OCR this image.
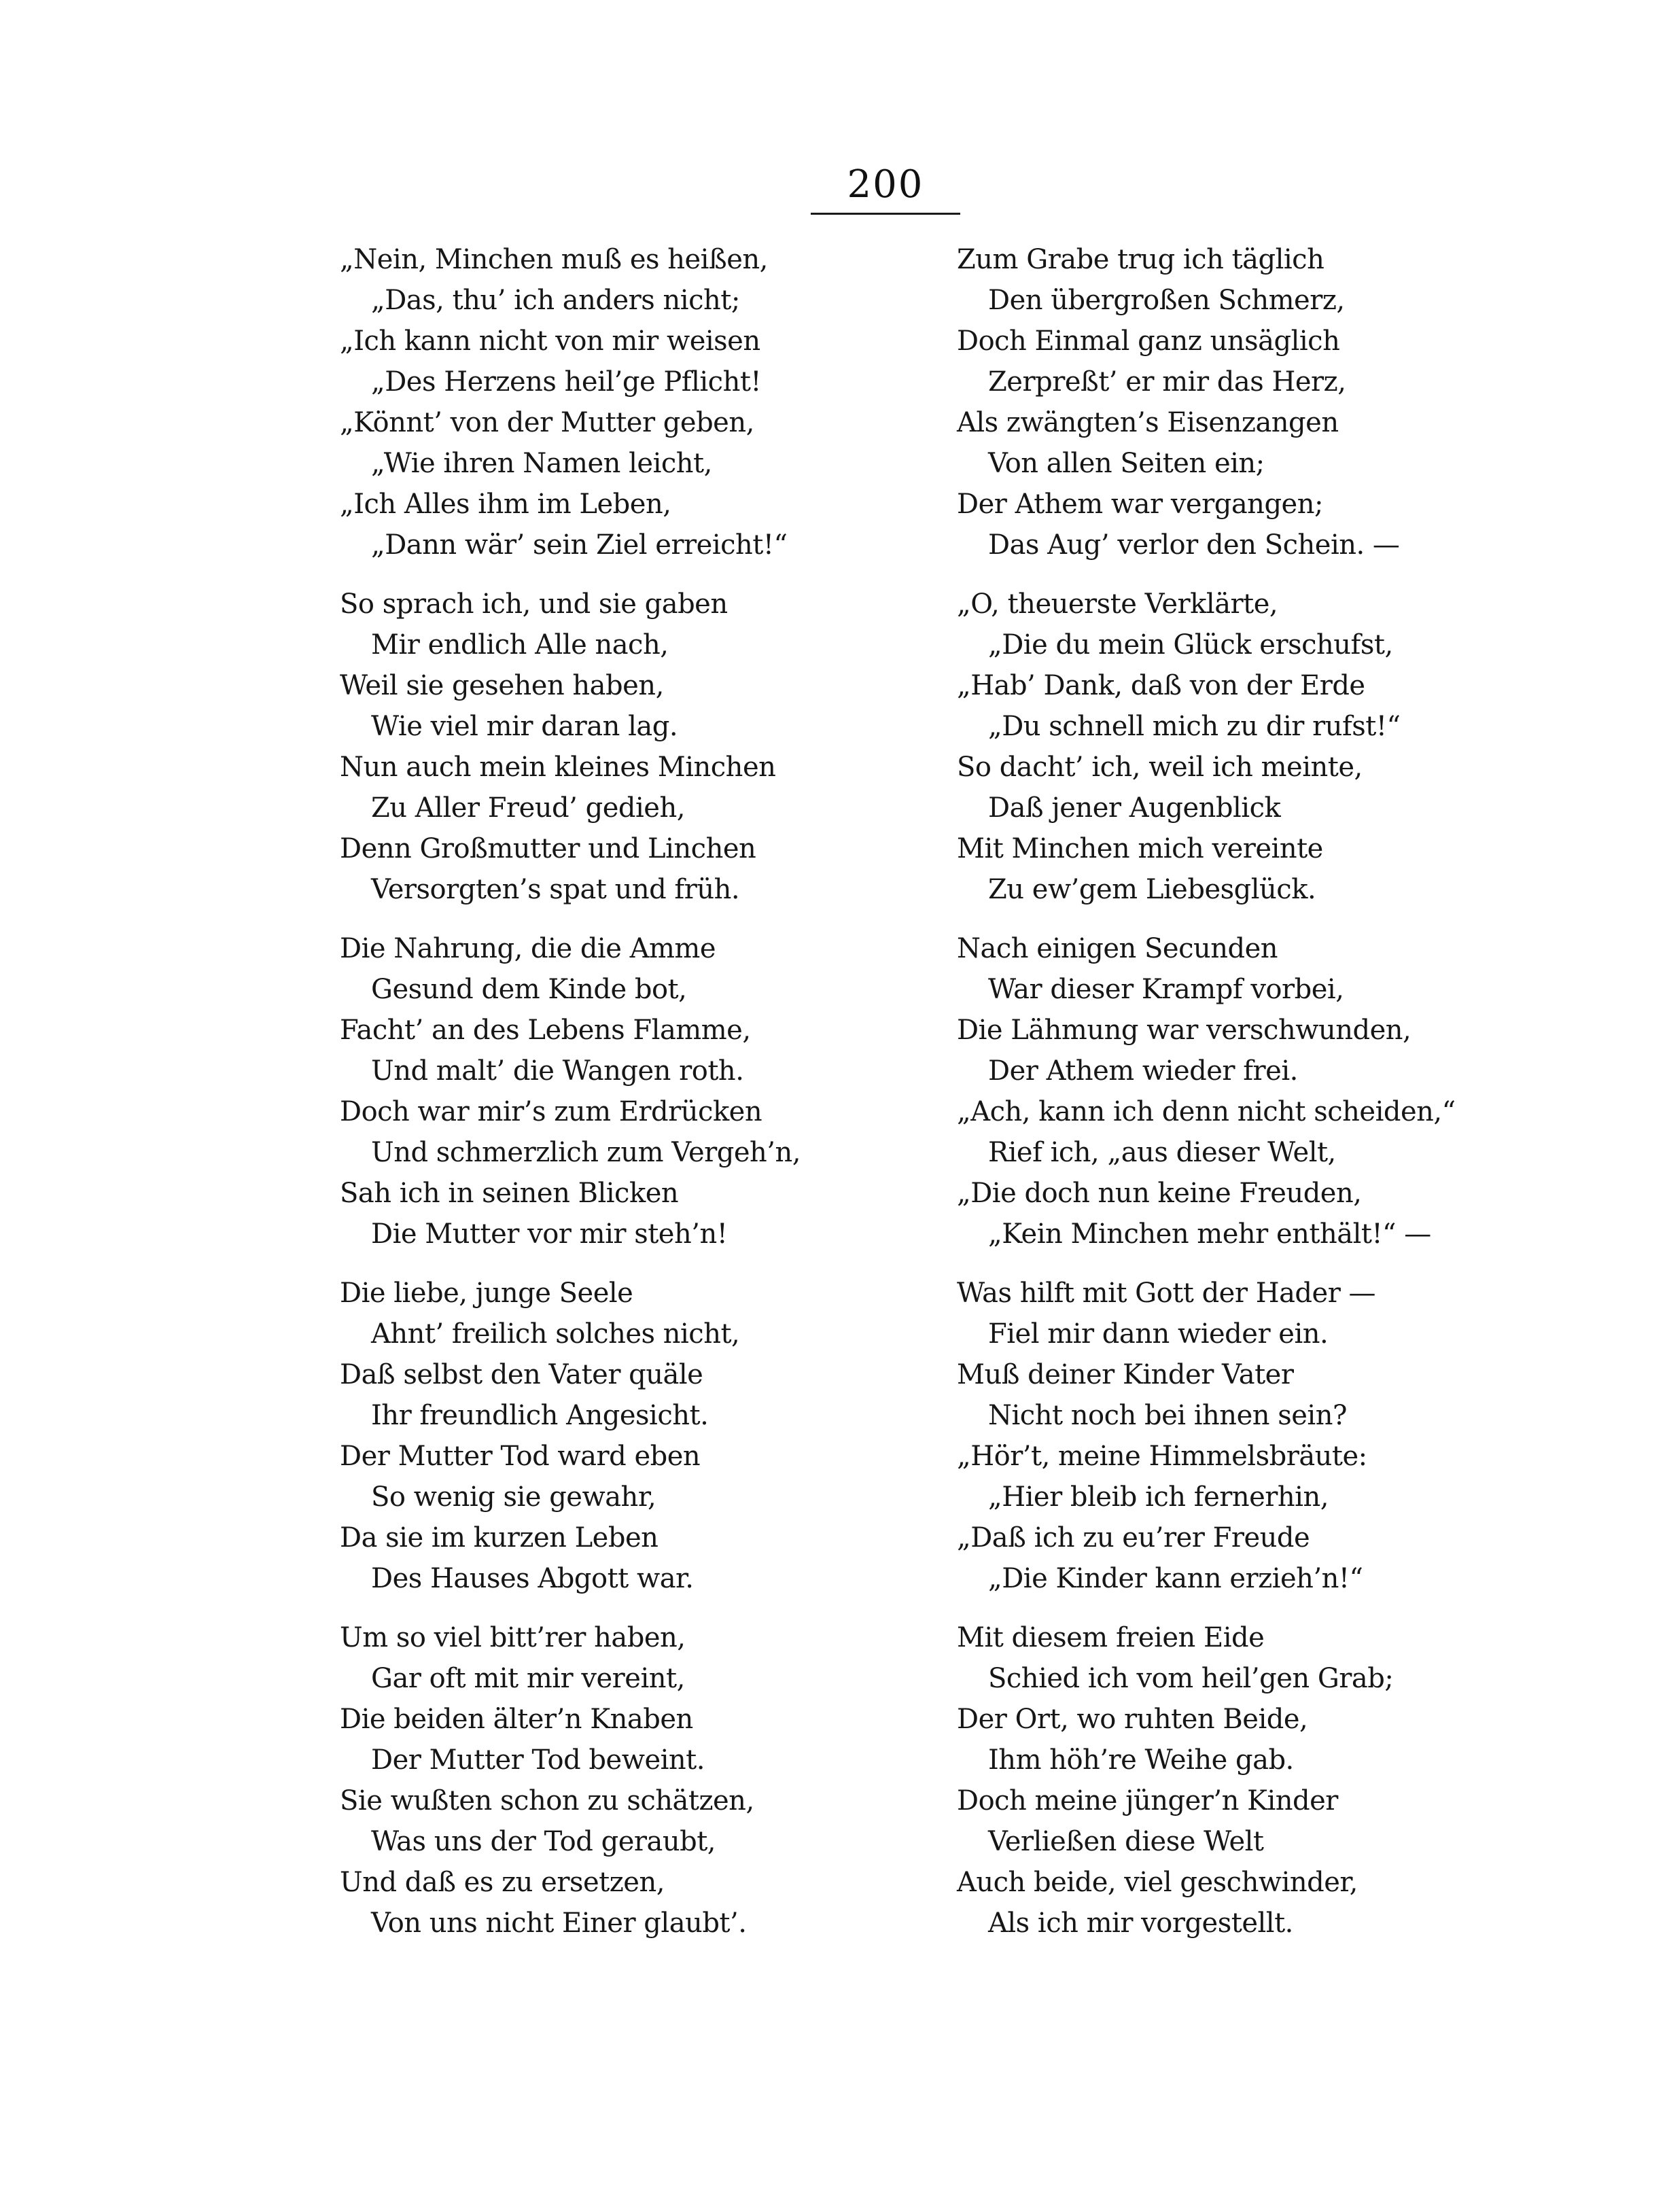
200

„Nein, Minchen muß es heißen,

„Das, thu’ ich anders nicht;

„Ich kann nicht von mir weisen

„Des Herzens heil’ge Pflicht!

„Könnt’ von der Mutter geben,

„Wie ihren Namen leicht,

„Ich Alles ihm im Leben,

„Dann wär’ sein Ziel erreicht!“

So sprach ich, und sie gaben

Mir endlich Alle nach,

Weil sie gesehen haben,

Wie viel mir daran lag.

Nun auch mein kleines Minchen

Zu Aller Freud’ gedieh,

Denn Großmutter und Linchen

Versorgten’s spat und früh.

Die Nahrung, die die Amme

Gesund dem Kinde bot,

Facht’ an des Lebens Flamme,

Und malt’ die Wangen roth.

Doch war mir’s zum Erdrücken

Und schmerzlich zum Vergeh’n,

Sah ich in seinen Blicken

Die Mutter vor mir steh’n!

Die liebe, junge Seele

Ahnt’ freilich solches nicht,

Daß selbst den Vater quäle

Ihr freundlich Angesicht.

Der Mutter Tod ward eben

So wenig sie gewahr,

Da sie im kurzen Leben

Des Hauses Abgott war.

Um so viel bitt’rer haben,

Gar oft mit mir vereint,

Die beiden älter’n Knaben

Der Mutter Tod beweint.

Sie wußten schon zu schätzen,

Was uns der Tod geraubt,

Und daß es zu ersetzen,

Von uns nicht Einer glaubt’.

Zum Grabe trug ich täglich

Den übergroßen Schmerz,

Doch Einmal ganz unsäglich

Zerpreßt’ er mir das Herz,

Als zwängten’s Eisenzangen

Von allen Seiten ein;

Der Athem war vergangen;

Das Aug’ verlor den Schein. —

„O, theuerste Verklärte,

„Die du mein Glück erschufst,

„Hab’ Dank, daß von der Erde

„Du schnell mich zu dir rufst!“

So dacht’ ich, weil ich meinte,

Daß jener Augenblick

Mit Minchen mich vereinte

Zu ew’gem Liebesglück.

Nach einigen Secunden

War dieser Krampf vorbei,

Die Lähmung war verschwunden,

Der Athem wieder frei.

„Ach, kann ich denn nicht scheiden,“

Rief ich, „aus dieser Welt,

„Die doch nun keine Freuden,

„Kein Minchen mehr enthält!“ —

Was hilft mit Gott der Hader —

Fiel mir dann wieder ein.

Muß deiner Kinder Vater

Nicht noch bei ihnen sein?

„Hör’t, meine Himmelsbräute:

„Hier bleib ich fernerhin,

„Daß ich zu eu’rer Freude

„Die Kinder kann erzieh’n!“

Mit diesem freien Eide

Schied ich vom heil’gen Grab;

Der Ort, wo ruhten Beide,

Ihm höh’re Weihe gab.

Doch meine jünger’n Kinder

Verließen diese Welt

Auch beide, viel geschwinder,

Als ich mir vorgestellt.
